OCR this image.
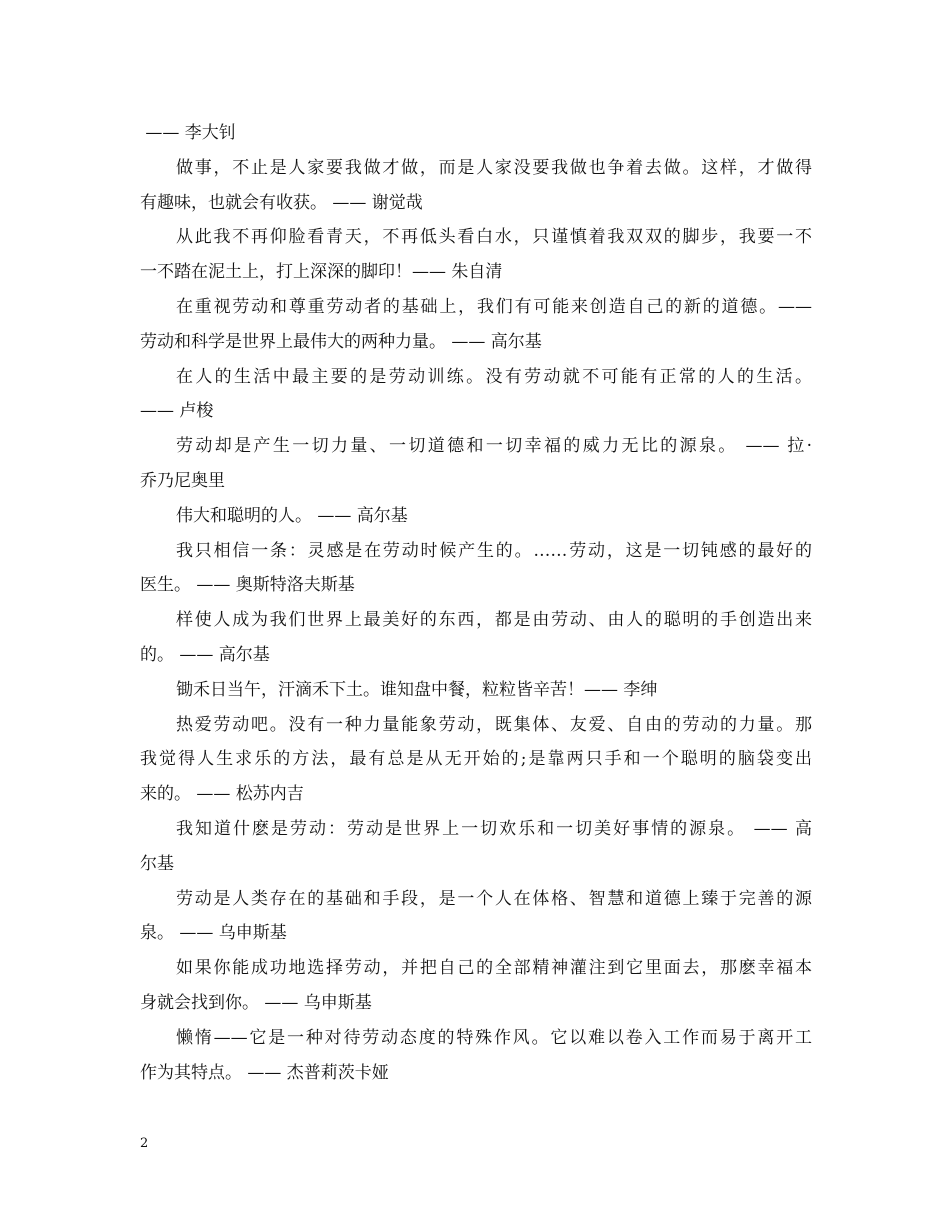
—— 李大钊
做事，不止是人家要我做才做，而是人家没要我做也争着去做。这样，才做得
有趣味，也就会有收获。 —— 谢觉哉
从此我不再仰脸看青天，不再低头看白水，只谨慎着我双双的脚步，我要一不
一不踏在泥土上，打上深深的脚印！—— 朱自清
在重视劳动和尊重劳动者的基础上，我们有可能来创造自己的新的道德。——
劳动和科学是世界上最伟大的两种力量。 —— 高尔基
在人的生活中最主要的是劳动训练。没有劳动就不可能有正常的人的生活。
—— 卢梭
劳动却是产生一切力量、一切道德和一切幸福的威力无比的源泉。 —— 拉·
乔乃尼奥里
伟大和聪明的人。 —— 高尔基
我只相信一条：灵感是在劳动时候产生的。……劳动，这是一切钝感的最好的
医生。 —— 奥斯特洛夫斯基
样使人成为我们世界上最美好的东西，都是由劳动、由人的聪明的手创造出来
的。 —— 高尔基
锄禾日当午，汗滴禾下土。谁知盘中餐，粒粒皆辛苦！—— 李绅
热爱劳动吧。没有一种力量能象劳动，既集体、友爱、自由的劳动的力量。那
我觉得人生求乐的方法，最有总是从无开始的;是靠两只手和一个聪明的脑袋变出
来的。 —— 松苏内吉
我知道什麽是劳动：劳动是世界上一切欢乐和一切美好事情的源泉。 —— 高
尔基
劳动是人类存在的基础和手段，是一个人在体格、智慧和道德上臻于完善的源
泉。 —— 乌申斯基
如果你能成功地选择劳动，并把自己的全部精神灌注到它里面去，那麽幸福本
身就会找到你。 —— 乌申斯基
懒惰——它是一种对待劳动态度的特殊作风。它以难以卷入工作而易于离开工
作为其特点。 —— 杰普莉茨卡娅
2
